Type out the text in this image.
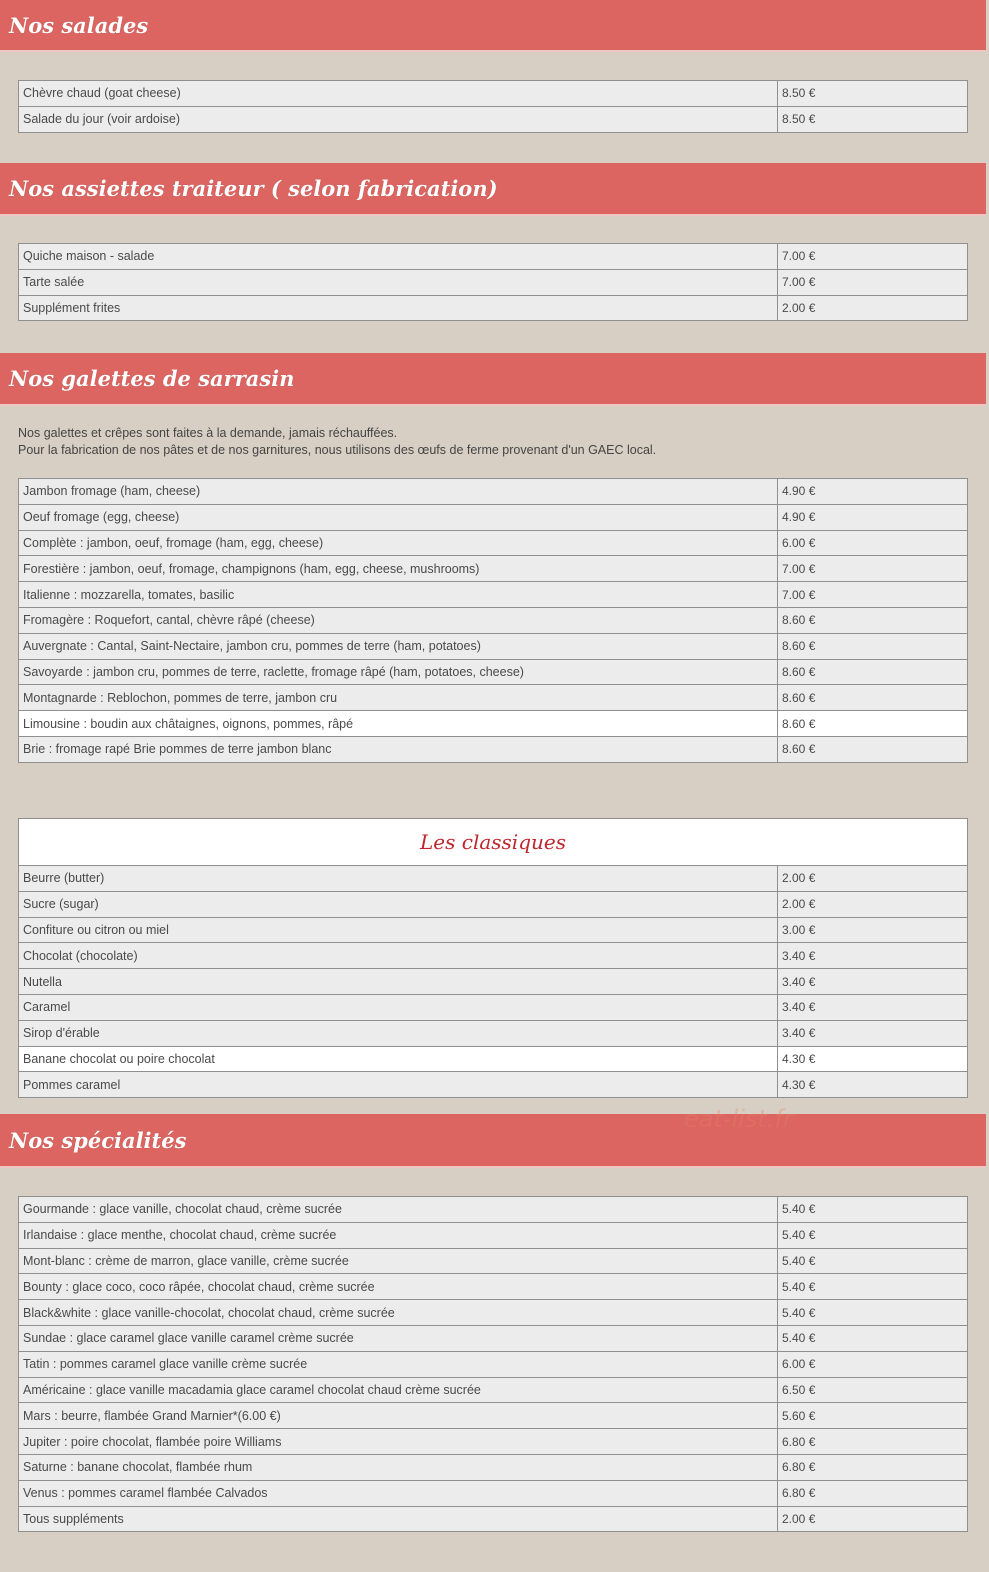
Nos salades
Chèvre chaud (goat cheese)	8.50 €
Salade du jour (voir ardoise)	8.50 €
Nos assiettes traiteur ( selon fabrication)
Quiche maison - salade	7.00 €
Tarte salée	7.00 €
Supplément frites	2.00 €
Nos galettes de sarrasin
Nos galettes et crêpes sont faites à la demande, jamais réchauffées.
Pour la fabrication de nos pâtes et de nos garnitures, nous utilisons des œufs de ferme provenant d'un GAEC local.
Jambon fromage (ham, cheese)	4.90 €
Oeuf fromage (egg, cheese)	4.90 €
Complète : jambon, oeuf, fromage (ham, egg, cheese)	6.00 €
Forestière : jambon, oeuf, fromage, champignons (ham, egg, cheese, mushrooms)	7.00 €
Italienne : mozzarella, tomates, basilic	7.00 €
Fromagère : Roquefort, cantal, chèvre râpé (cheese)	8.60 €
Auvergnate : Cantal, Saint-Nectaire, jambon cru, pommes de terre (ham, potatoes)	8.60 €
Savoyarde : jambon cru, pommes de terre, raclette, fromage râpé (ham, potatoes, cheese)	8.60 €
Montagnarde : Reblochon, pommes de terre, jambon cru	8.60 €
Limousine : boudin aux châtaignes, oignons, pommes, râpé	8.60 €
Brie : fromage rapé Brie pommes de terre jambon blanc	8.60 €
Les classiques
Beurre (butter)	2.00 €
Sucre (sugar)	2.00 €
Confiture ou citron ou miel	3.00 €
Chocolat (chocolate)	3.40 €
Nutella	3.40 €
Caramel	3.40 €
Sirop d'érable	3.40 €
Banane chocolat ou poire chocolat	4.30 €
Pommes caramel	4.30 €
Nos spécialités
eat-list.fr
Gourmande : glace vanille, chocolat chaud, crème sucrée	5.40 €
Irlandaise : glace menthe, chocolat chaud, crème sucrée	5.40 €
Mont-blanc : crème de marron, glace vanille, crème sucrée	5.40 €
Bounty : glace coco, coco râpée, chocolat chaud, crème sucrée	5.40 €
Black&white : glace vanille-chocolat, chocolat chaud, crème sucrée	5.40 €
Sundae : glace caramel glace vanille caramel crème sucrée	5.40 €
Tatin : pommes caramel glace vanille crème sucrée	6.00 €
Américaine : glace vanille macadamia glace caramel chocolat chaud crème sucrée	6.50 €
Mars : beurre, flambée Grand Marnier*(6.00 €)	5.60 €
Jupiter : poire chocolat, flambée poire Williams	6.80 €
Saturne : banane chocolat, flambée rhum	6.80 €
Venus : pommes caramel flambée Calvados	6.80 €
Tous suppléments	2.00 €
